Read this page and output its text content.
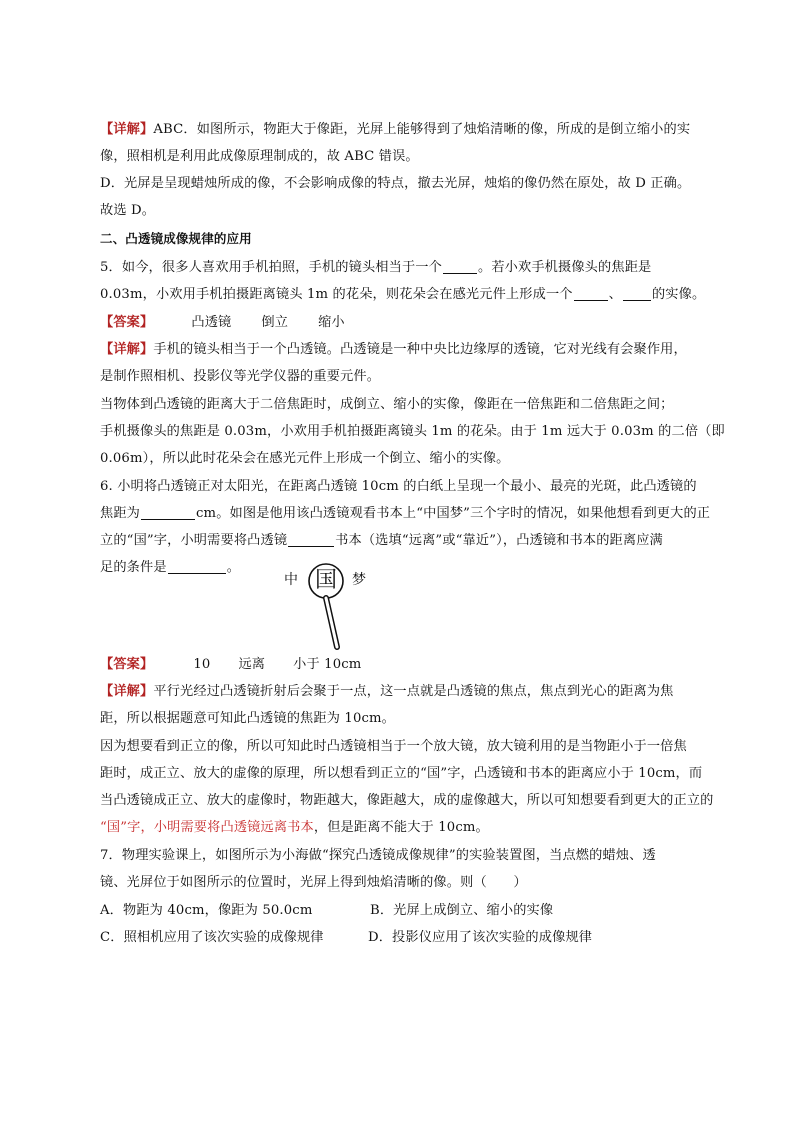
【详解】ABC．如图所示，物距大于像距，光屏上能够得到了烛焰清晰的像，所成的是倒立缩小的实
像，照相机是利用此成像原理制成的，故 ABC 错误。
D．光屏是呈现蜡烛所成的像，不会影响成像的特点，撤去光屏，烛焰的像仍然在原处，故 D 正确。
故选 D。
二、凸透镜成像规律的应用
5．如今，很多人喜欢用手机拍照，手机的镜头相当于一个	。若小欢手机摄像头的焦距是
0.03m，小欢用手机拍摄距离镜头 1m 的花朵，则花朵会在感光元件上形成一个	、 的实像。
【答案】	凸透镜 倒立 缩小
【详解】手机的镜头相当于一个凸透镜。凸透镜是一种中央比边缘厚的透镜，它对光线有会聚作用，
是制作照相机、投影仪等光学仪器的重要元件。
当物体到凸透镜的距离大于二倍焦距时，成倒立、缩小的实像，像距在一倍焦距和二倍焦距之间；
手机摄像头的焦距是 0.03m，小欢用手机拍摄距离镜头 1m 的花朵。由于 1m 远大于 0.03m 的二倍（即
0.06m），所以此时花朵会在感光元件上形成一个倒立、缩小的实像。
6. 小明将凸透镜正对太阳光，在距离凸透镜 10cm 的白纸上呈现一个最小、最亮的光斑，此凸透镜的
焦距为	cm。如图是他用该凸透镜观看书本上“中国梦”三个字时的情况，如果他想看到更大的正
立的“国”字，小明需要将凸透镜	书本（选填“远离”或“靠近”），凸透镜和书本的距离应满
足的条件是	。
中 国 梦
【答案】	10 远离 小于 10cm
【详解】平行光经过凸透镜折射后会聚于一点，这一点就是凸透镜的焦点，焦点到光心的距离为焦
距，所以根据题意可知此凸透镜的焦距为 10cm。
因为想要看到正立的像，所以可知此时凸透镜相当于一个放大镜，放大镜利用的是当物距小于一倍焦
距时，成正立、放大的虚像的原理，所以想看到正立的“国”字，凸透镜和书本的距离应小于 10cm，而
当凸透镜成正立、放大的虚像时，物距越大，像距越大，成的虚像越大，所以可知想要看到更大的正立的
“国”字，小明需要将凸透镜远离书本，但是距离不能大于 10cm。
7．物理实验课上，如图所示为小海做“探究凸透镜成像规律”的实验装置图，当点燃的蜡烛、透
镜、光屏位于如图所示的位置时，光屏上得到烛焰清晰的像。则（　　）
A．物距为 40cm，像距为 50.0cm	B．光屏上成倒立、缩小的实像
C．照相机应用了该次实验的成像规律	D．投影仪应用了该次实验的成像规律
